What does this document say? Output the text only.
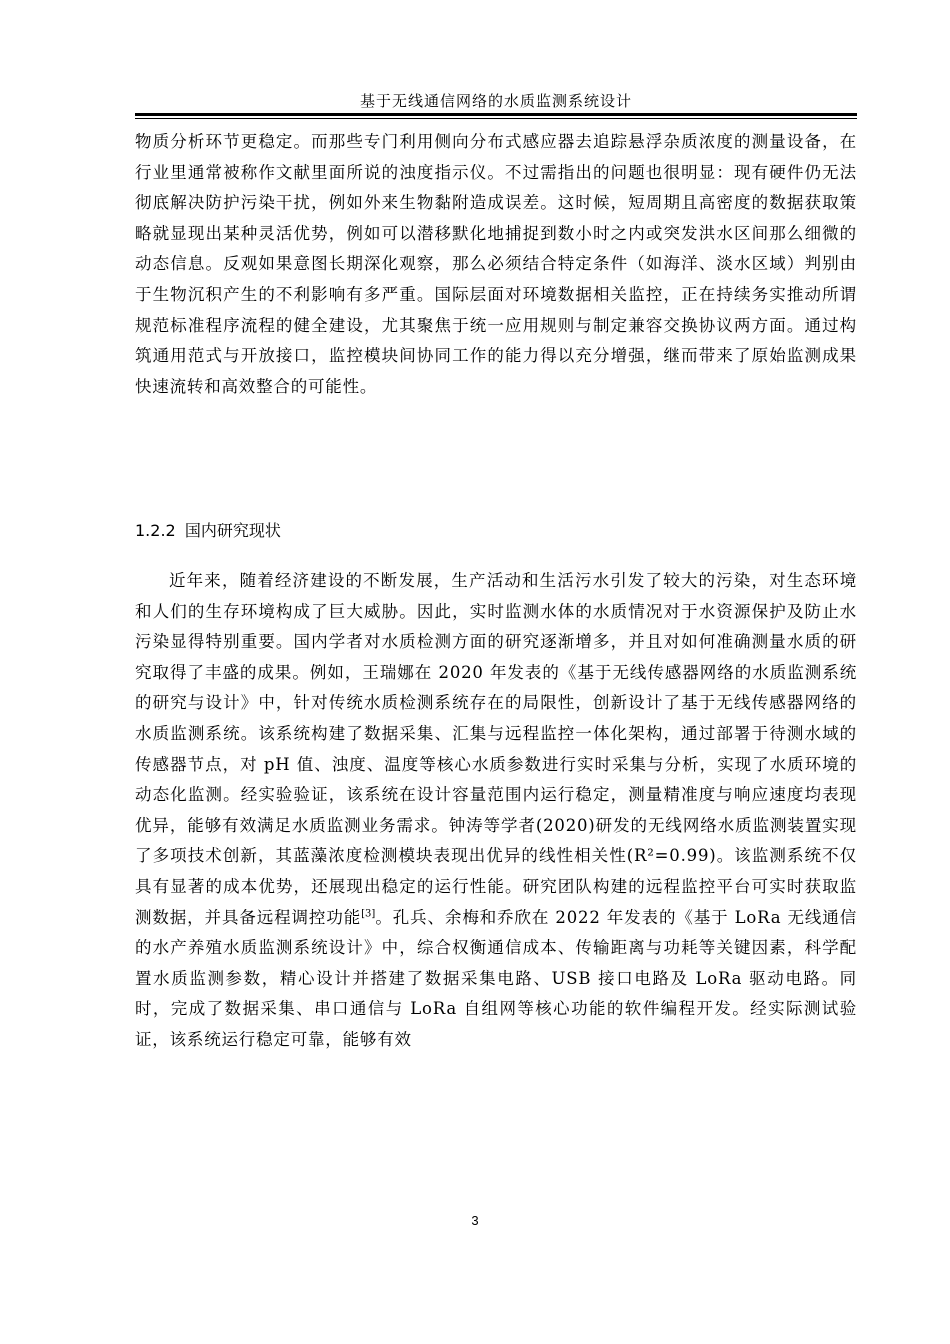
基于无线通信网络的水质监测系统设计

物质分析环节更稳定。而那些专门利用侧向分布式感应器去追踪悬浮杂质浓度的测量设备，在行业里通常被称作文献里面所说的浊度指示仪。不过需指出的问题也很明显：现有硬件仍无法彻底解决防护污染干扰，例如外来生物黏附造成误差。这时候，短周期且高密度的数据获取策略就显现出某种灵活优势，例如可以潜移默化地捕捉到数小时之内或突发洪水区间那么细微的动态信息。反观如果意图长期深化观察，那么必须结合特定条件（如海洋、淡水区域）判别由于生物沉积产生的不利影响有多严重。国际层面对环境数据相关监控，正在持续务实推动所谓规范标准程序流程的健全建设，尤其聚焦于统一应用规则与制定兼容交换协议两方面。通过构筑通用范式与开放接口，监控模块间协同工作的能力得以充分增强，继而带来了原始监测成果快速流转和高效整合的可能性。

1.2.2 国内研究现状

近年来，随着经济建设的不断发展，生产活动和生活污水引发了较大的污染，对生态环境和人们的生存环境构成了巨大威胁。因此，实时监测水体的水质情况对于水资源保护及防止水污染显得特别重要。国内学者对水质检测方面的研究逐渐增多，并且对如何准确测量水质的研究取得了丰盛的成果。例如，王瑞娜在 2020 年发表的《基于无线传感器网络的水质监测系统的研究与设计》中，针对传统水质检测系统存在的局限性，创新设计了基于无线传感器网络的水质监测系统。该系统构建了数据采集、汇集与远程监控一体化架构，通过部署于待测水域的传感器节点，对 pH 值、浊度、温度等核心水质参数进行实时采集与分析，实现了水质环境的动态化监测。经实验验证，该系统在设计容量范围内运行稳定，测量精准度与响应速度均表现优异，能够有效满足水质监测业务需求。钟涛等学者(2020)研发的无线网络水质监测装置实现了多项技术创新，其蓝藻浓度检测模块表现出优异的线性相关性(R²=0.99)。该监测系统不仅具有显著的成本优势，还展现出稳定的运行性能。研究团队构建的远程监控平台可实时获取监测数据，并具备远程调控功能[3]。孔兵、余梅和乔欣在 2022 年发表的《基于 LoRa 无线通信的水产养殖水质监测系统设计》中，综合权衡通信成本、传输距离与功耗等关键因素，科学配置水质监测参数，精心设计并搭建了数据采集电路、USB 接口电路及 LoRa 驱动电路。同时，完成了数据采集、串口通信与 LoRa 自组网等核心功能的软件编程开发。经实际测试验证，该系统运行稳定可靠，能够有效

3
